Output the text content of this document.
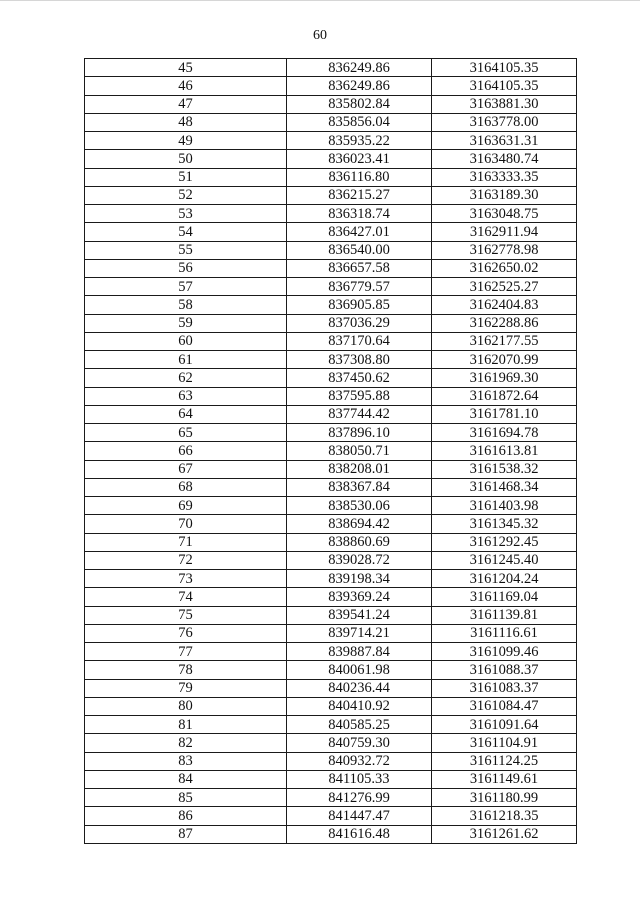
60
45	836249.86	3164105.35
46	836249.86	3164105.35
47	835802.84	3163881.30
48	835856.04	3163778.00
49	835935.22	3163631.31
50	836023.41	3163480.74
51	836116.80	3163333.35
52	836215.27	3163189.30
53	836318.74	3163048.75
54	836427.01	3162911.94
55	836540.00	3162778.98
56	836657.58	3162650.02
57	836779.57	3162525.27
58	836905.85	3162404.83
59	837036.29	3162288.86
60	837170.64	3162177.55
61	837308.80	3162070.99
62	837450.62	3161969.30
63	837595.88	3161872.64
64	837744.42	3161781.10
65	837896.10	3161694.78
66	838050.71	3161613.81
67	838208.01	3161538.32
68	838367.84	3161468.34
69	838530.06	3161403.98
70	838694.42	3161345.32
71	838860.69	3161292.45
72	839028.72	3161245.40
73	839198.34	3161204.24
74	839369.24	3161169.04
75	839541.24	3161139.81
76	839714.21	3161116.61
77	839887.84	3161099.46
78	840061.98	3161088.37
79	840236.44	3161083.37
80	840410.92	3161084.47
81	840585.25	3161091.64
82	840759.30	3161104.91
83	840932.72	3161124.25
84	841105.33	3161149.61
85	841276.99	3161180.99
86	841447.47	3161218.35
87	841616.48	3161261.62
